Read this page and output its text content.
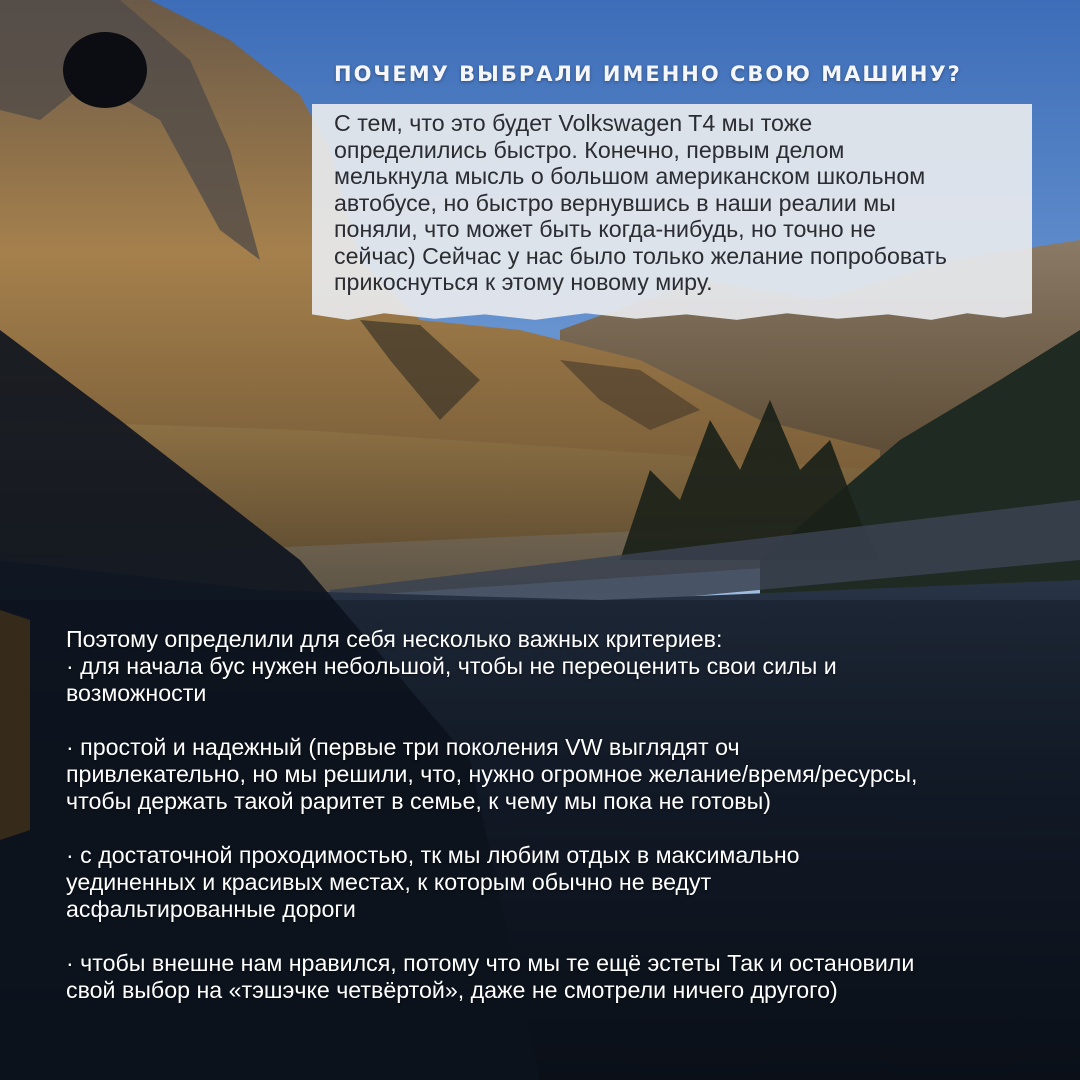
ПОЧЕМУ ВЫБРАЛИ ИМЕННО СВОЮ МАШИНУ?
С тем, что это будет Volkswagen T4 мы тоже
определились быстро. Конечно, первым делом
мелькнула мысль о большом американском школьном
автобусе, но быстро вернувшись в наши реалии мы
поняли, что может быть когда-нибудь, но точно не
сейчас) Сейчас у нас было только желание попробовать
прикоснуться к этому новому миру.
Поэтому определили для себя несколько важных критериев:
· для начала бус нужен небольшой, чтобы не переоценить свои силы и
возможности
· простой и надежный (первые три поколения VW выглядят оч
привлекательно, но мы решили, что, нужно огромное желание/время/ресурсы,
чтобы держать такой раритет в семье, к чему мы пока не готовы)
· с достаточной проходимостью, тк мы любим отдых в максимально
уединенных и красивых местах, к которым обычно не ведут
асфальтированные дороги
· чтобы внешне нам нравился, потому что мы те ещё эстеты Так и остановили
свой выбор на «тэшэчке четвёртой», даже не смотрели ничего другого)
